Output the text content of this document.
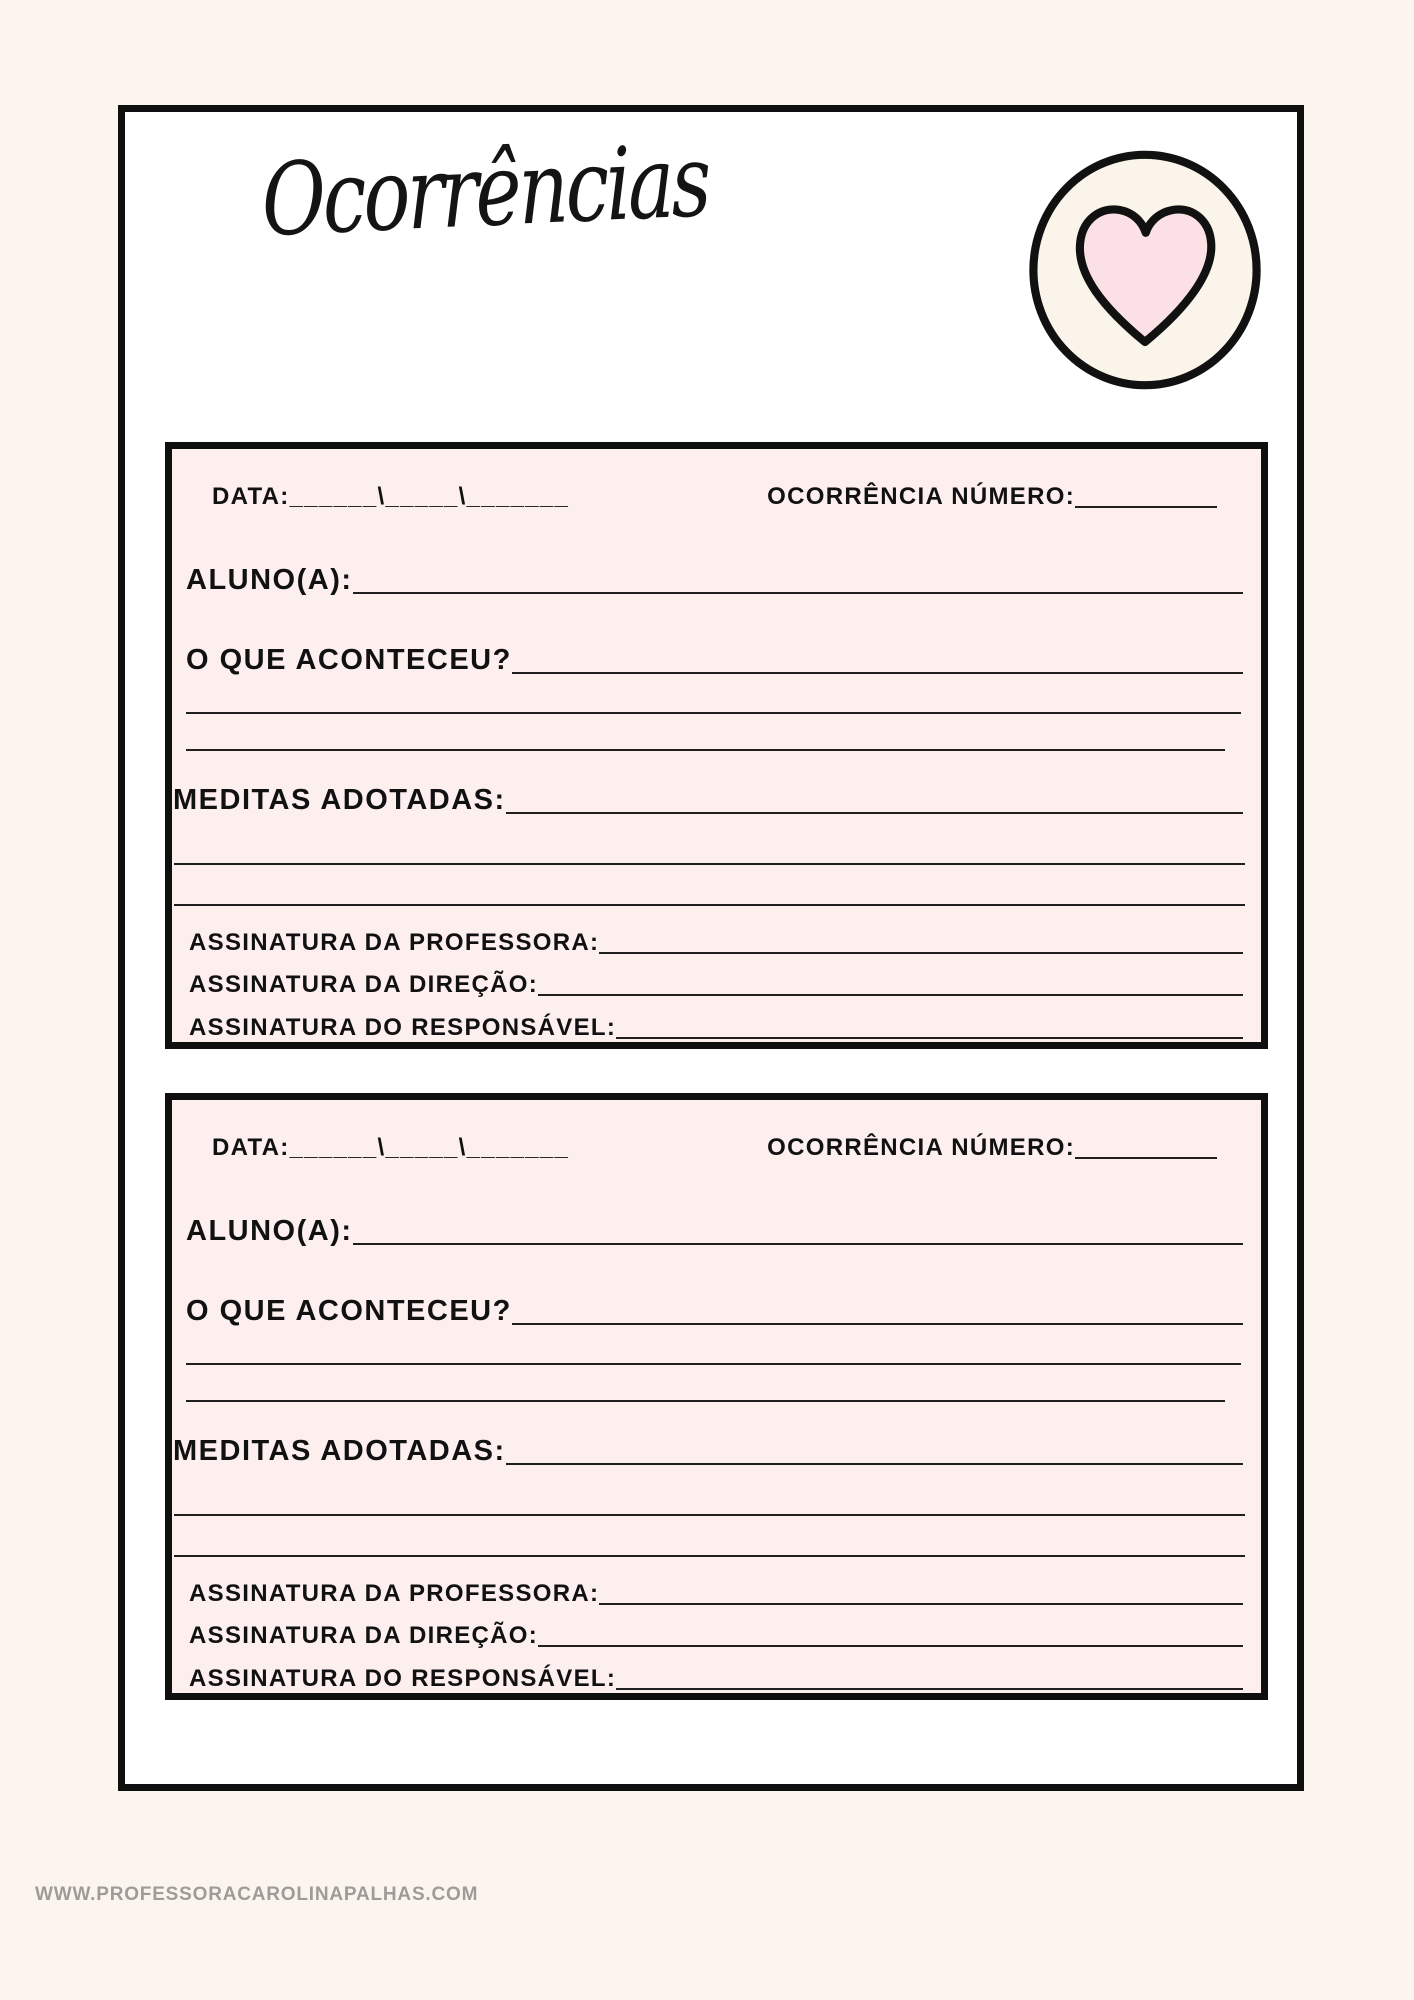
Ocorrências
DATA: ______\_____\_______	OCORRÊNCIA NÚMERO:
ALUNO(A):
O QUE ACONTECEU?
MEDITAS ADOTADAS:
ASSINATURA DA PROFESSORA:
ASSINATURA DA DIREÇÃO:
ASSINATURA DO RESPONSÁVEL:
DATA: ______\_____\_______	OCORRÊNCIA NÚMERO:
ALUNO(A):
O QUE ACONTECEU?
MEDITAS ADOTADAS:
ASSINATURA DA PROFESSORA:
ASSINATURA DA DIREÇÃO:
ASSINATURA DO RESPONSÁVEL:
WWW.PROFESSORACAROLINAPALHAS.COM
